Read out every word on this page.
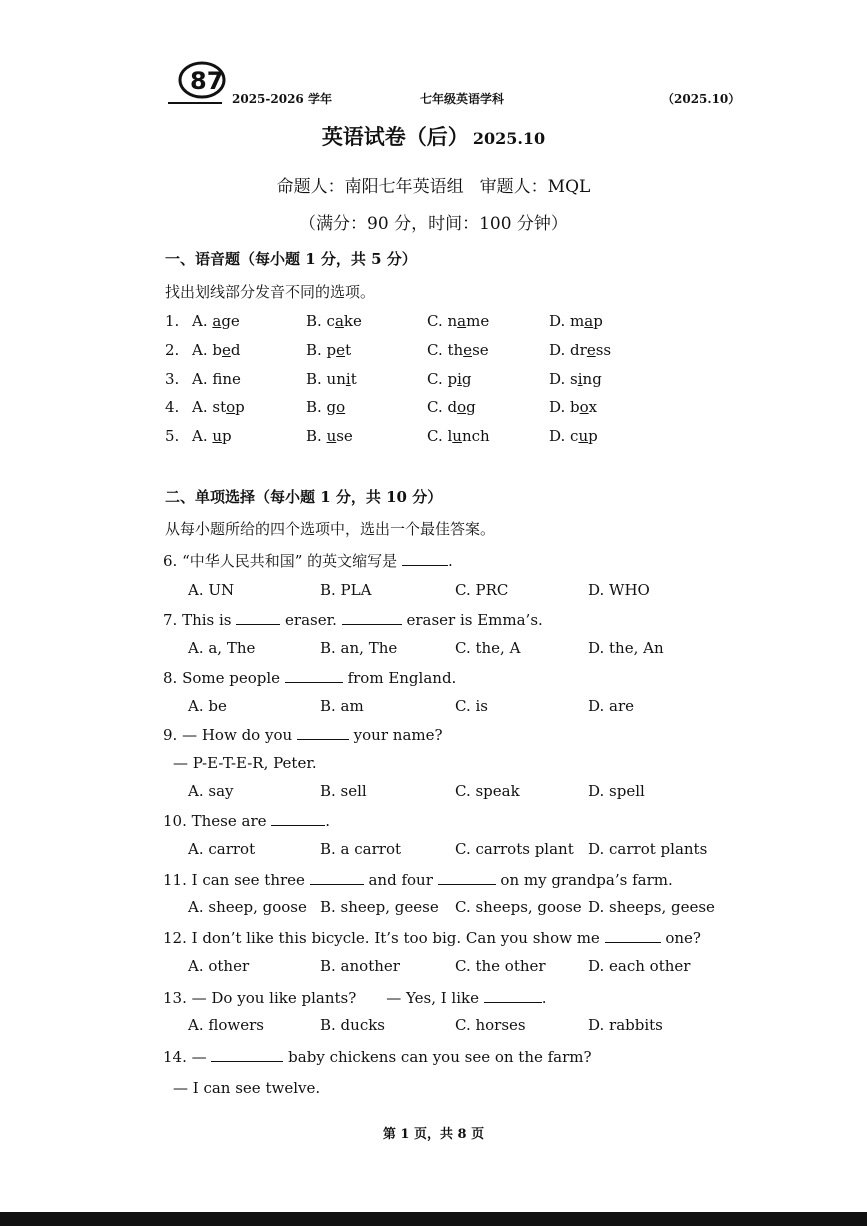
87
2025-2026 学年	七年级英语学科	（2025.10）
英语试卷（后） 2025.10
命题人：南阳七年英语组 审题人：MQL
（满分：90 分，时间：100 分钟）
一、语音题（每小题 1 分，共 5 分）
找出划线部分发音不同的选项。
1. A. age	B. cake	C. name	D. map
2. A. bed	B. pet	C. these	D. dress
3. A. fne	B. unit	C. pig	D. sing
4. A. stop	B. go	C. dog	D. box
5. A. up	B. use	C. lunch	D. cup
二、单项选择（每小题 1 分，共 10 分）
从每小题所给的四个选项中，选出一个最佳答案。
6. “中华人民共和国” 的英文缩写是	.
A. UN	B. PLA	C. PRC	D. WHO
7. This is	eraser.	eraser is Emma’s.
A. a, The	B. an, The	C. the, A	D. the, An
8. Some people	from England.
A. be	B. am	C. is	D. are
9. — How do you	your name?
— P-E-T-E-R, Peter.
A. say	B. sell	C. speak	D. spell
10. These are	.
A. carrot	B. a carrot	C. carrots plant D. carrot plants
11. I can see three	and four	on my grandpa’s farm.
A. sheep, goose B. sheep, geese C. sheeps, goose D. sheeps, geese
12. I don’t like this bicycle. It’s too big. Can you show me	one?
A. other	B. another	C. the other	D. each other
13. — Do you like plants?　　— Yes, I like	.
A. flowers	B. ducks	C. horses	D. rabbits
14. —	baby chickens can you see on the farm?
— I can see twelve.
第 1 页，共 8 页
